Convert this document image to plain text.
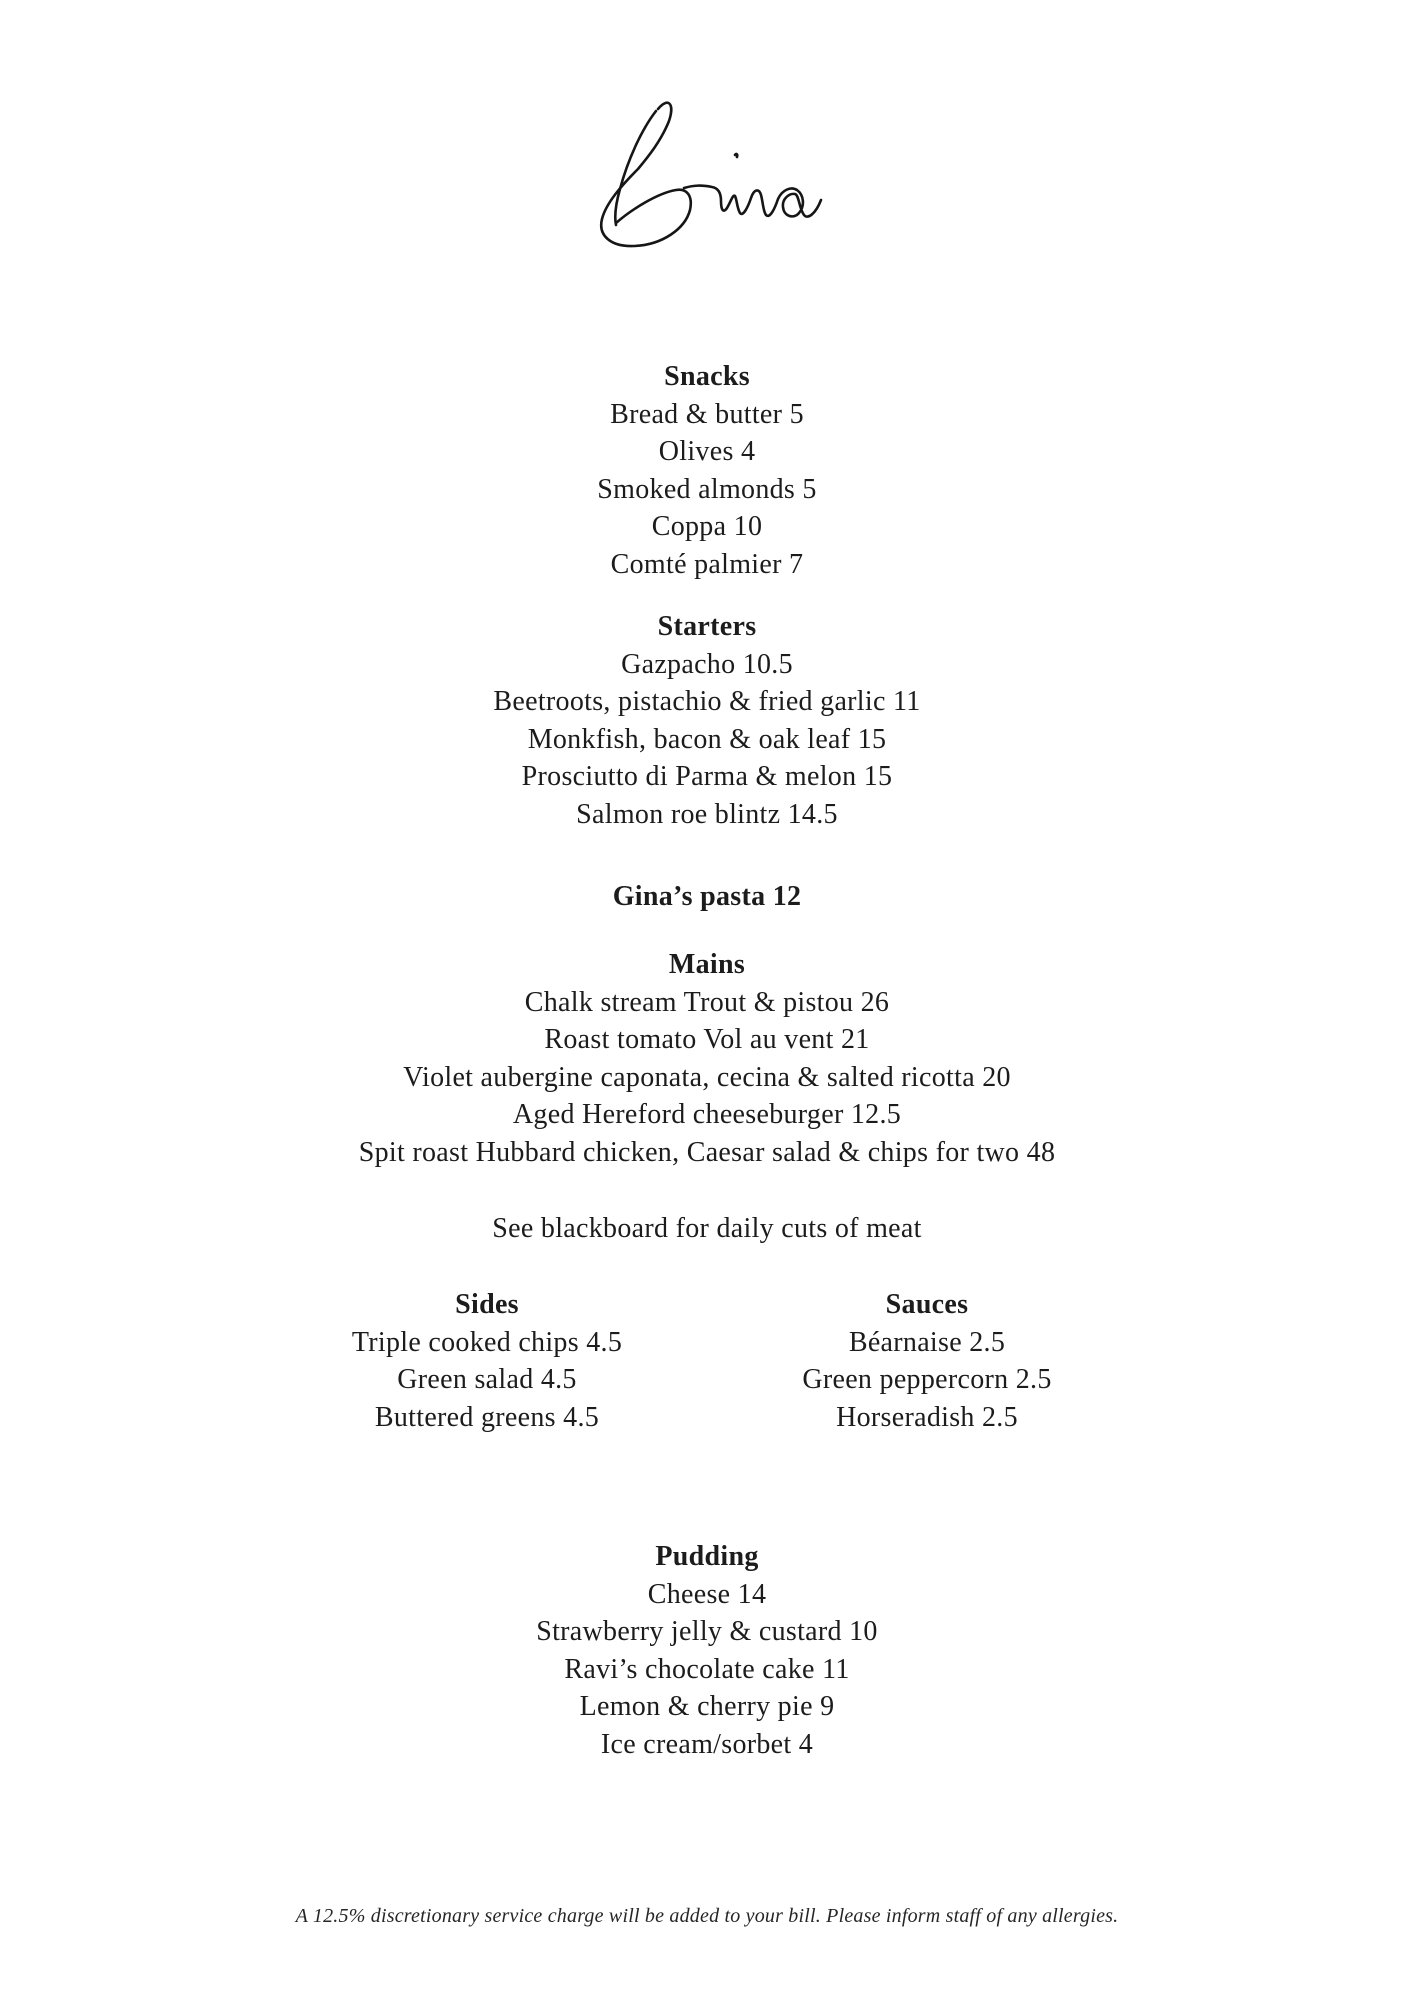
Snacks
Bread & butter 5
Olives 4
Smoked almonds 5
Coppa 10
Comté palmier 7
Starters
Gazpacho 10.5
Beetroots, pistachio & fried garlic 11
Monkfish, bacon & oak leaf 15
Prosciutto di Parma & melon 15
Salmon roe blintz 14.5
Gina’s pasta 12
Mains
Chalk stream Trout & pistou 26
Roast tomato Vol au vent 21
Violet aubergine caponata, cecina & salted ricotta 20
Aged Hereford cheeseburger 12.5
Spit roast Hubbard chicken, Caesar salad & chips for two 48
See blackboard for daily cuts of meat
Sides
Triple cooked chips 4.5
Green salad 4.5
Buttered greens 4.5
Sauces
Béarnaise 2.5
Green peppercorn 2.5
Horseradish 2.5
Pudding
Cheese 14
Strawberry jelly & custard 10
Ravi’s chocolate cake 11
Lemon & cherry pie 9
Ice cream/sorbet 4
A 12.5% discretionary service charge will be added to your bill. Please inform staff of any allergies.
